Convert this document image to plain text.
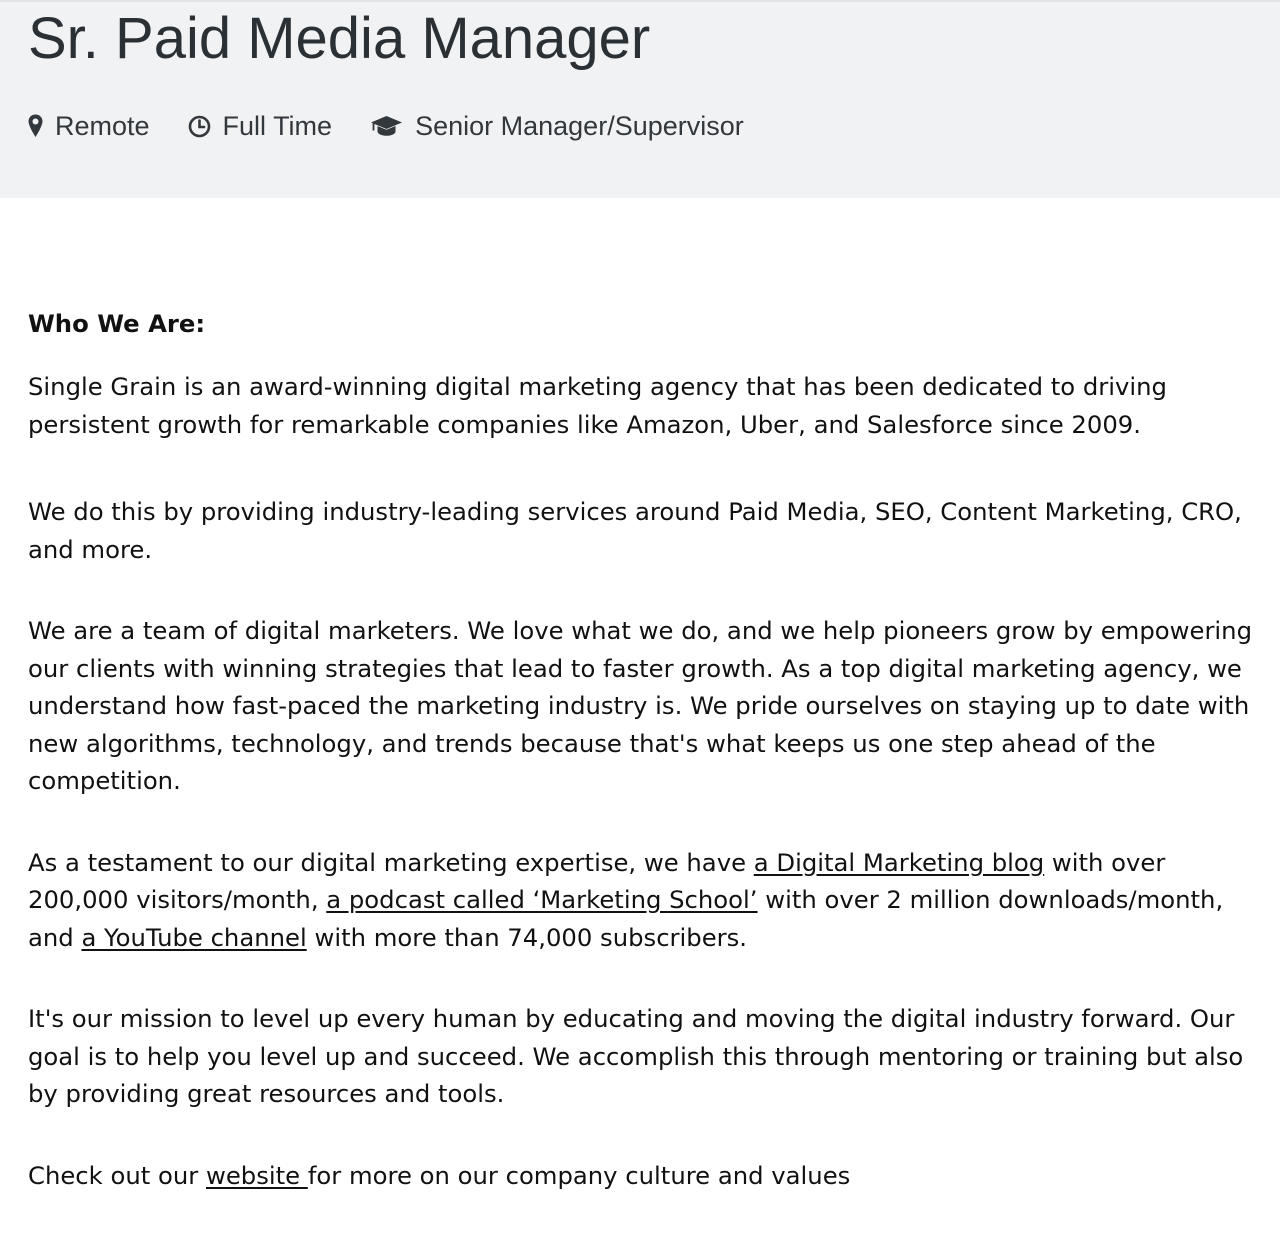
Sr. Paid Media Manager
Remote	Full Time	Senior Manager/Supervisor
Who We Are:

Single Grain is an award-winning digital marketing agency that has been dedicated to driving persistent growth for remarkable companies like Amazon, Uber, and Salesforce since 2009.

We do this by providing industry-leading services around Paid Media, SEO, Content Marketing, CRO, and more.

We are a team of digital marketers. We love what we do, and we help pioneers grow by empowering our clients with winning strategies that lead to faster growth. As a top digital marketing agency, we understand how fast-paced the marketing industry is. We pride ourselves on staying up to date with new algorithms, technology, and trends because that's what keeps us one step ahead of the competition.

As a testament to our digital marketing expertise, we have a Digital Marketing blog with over 200,000 visitors/month, a podcast called ‘Marketing School’ with over 2 million downloads/month, and a YouTube channel with more than 74,000 subscribers.

It's our mission to level up every human by educating and moving the digital industry forward. Our goal is to help you level up and succeed. We accomplish this through mentoring or training but also by providing great resources and tools.

Check out our website for more on our company culture and values
